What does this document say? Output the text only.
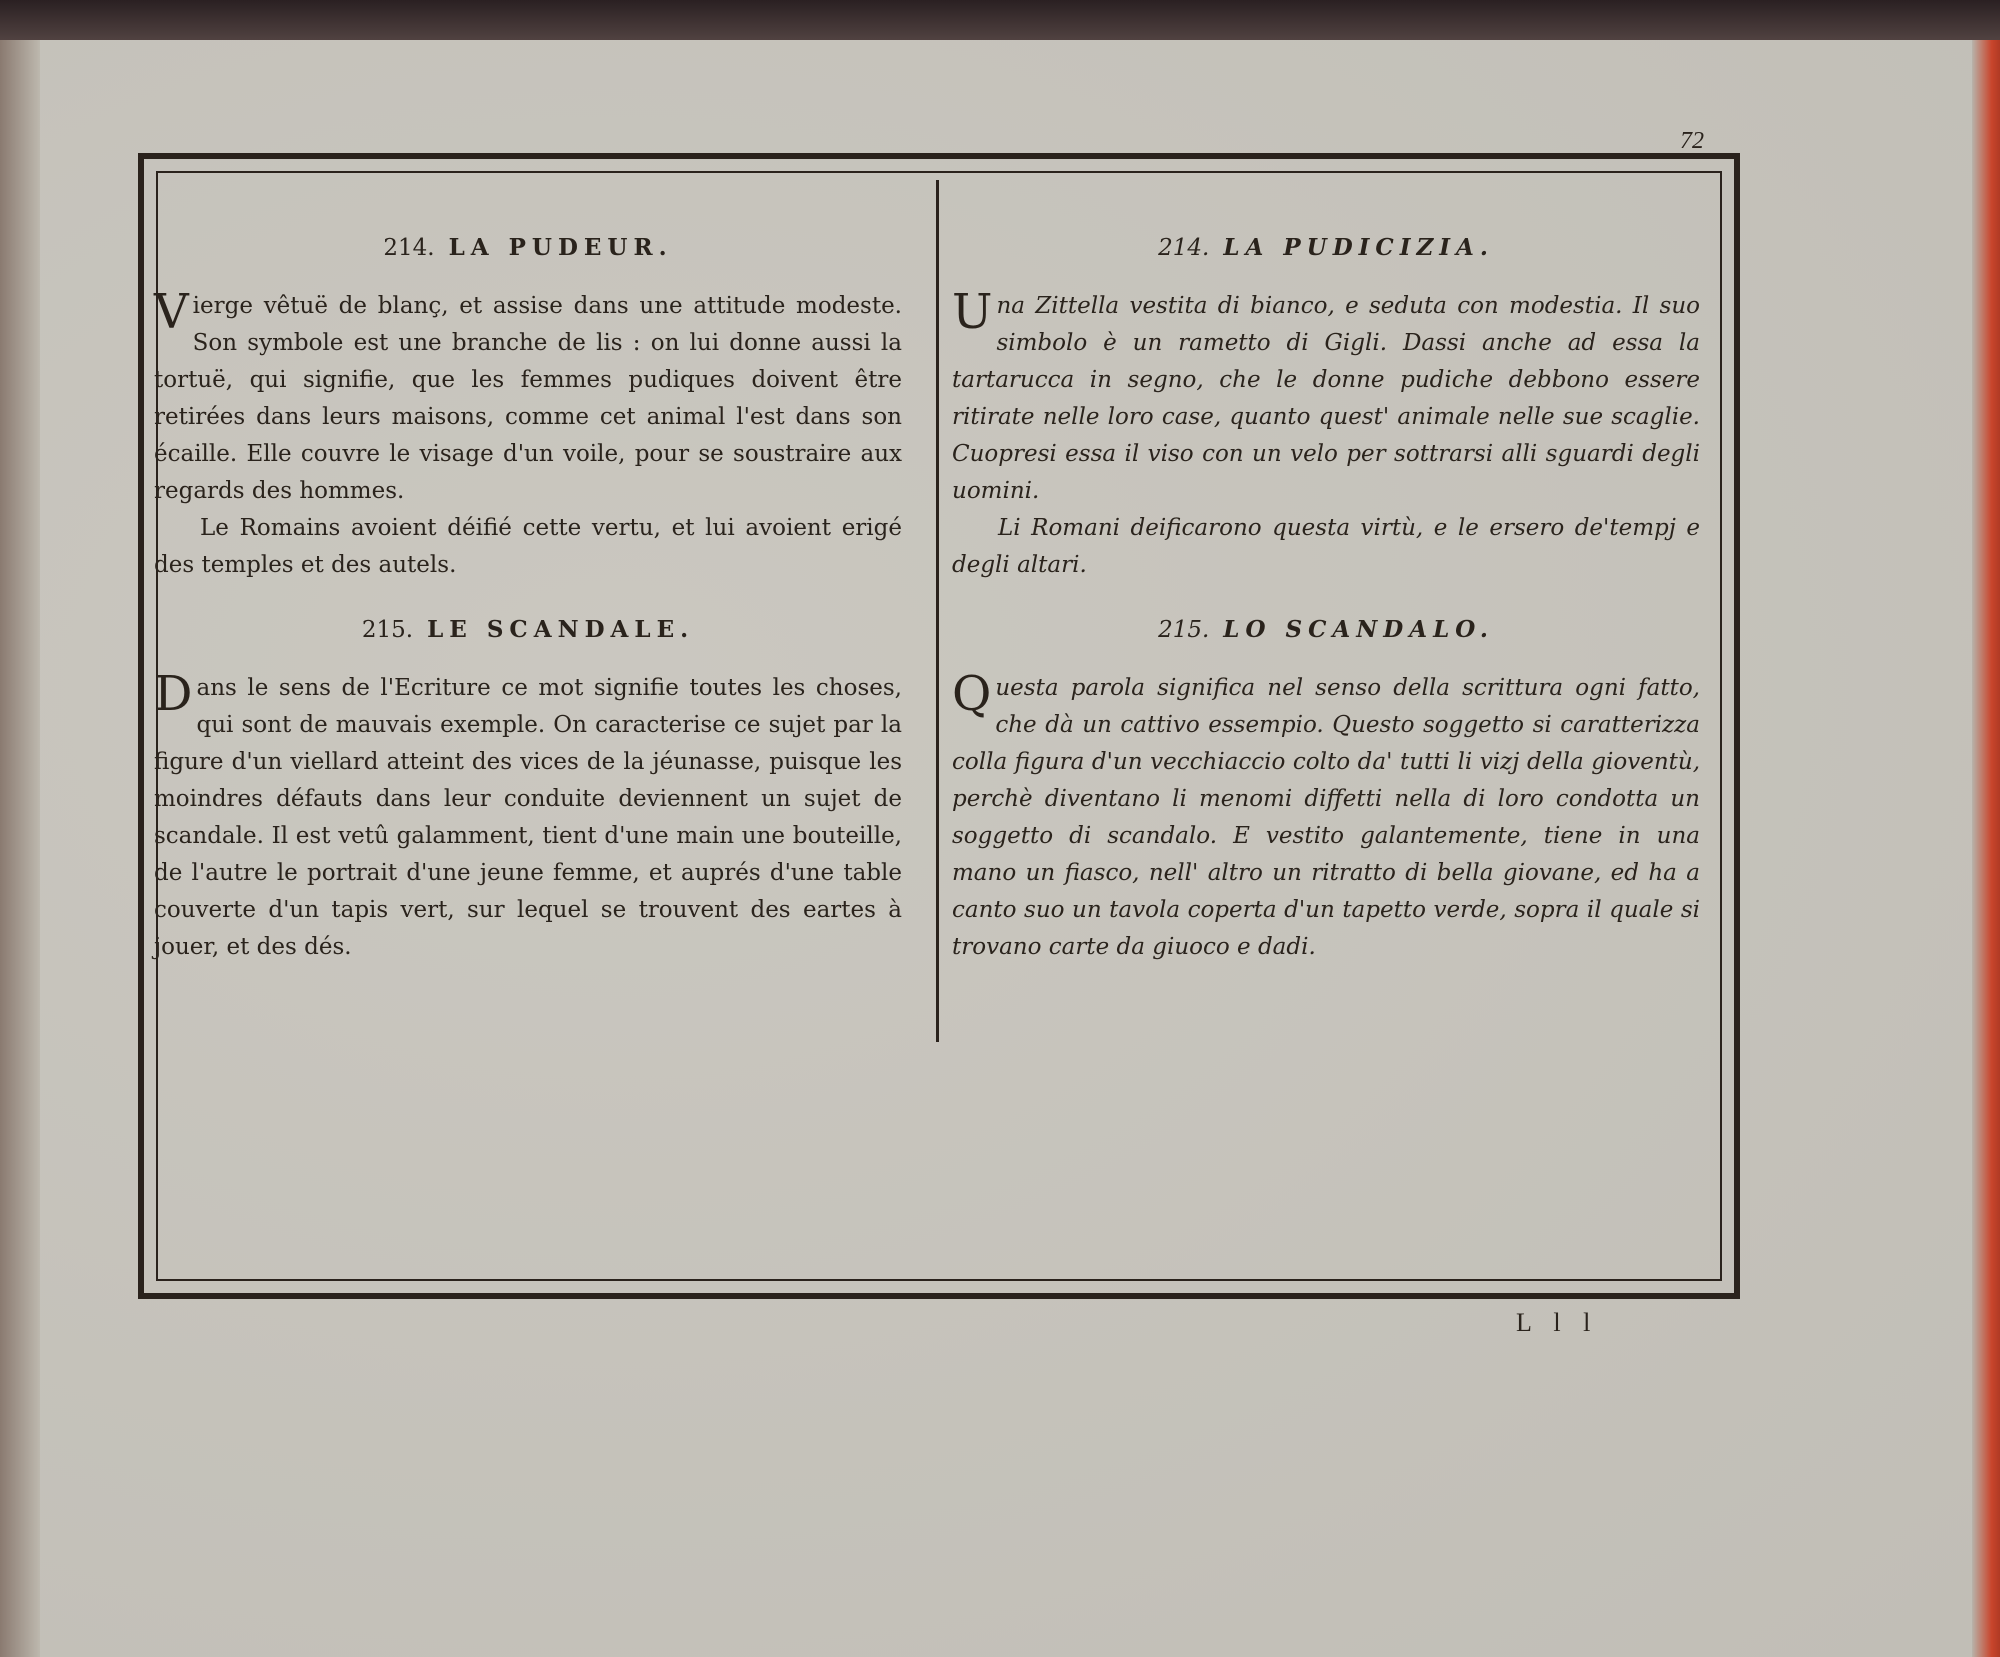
72
214. LA PUDEUR.

Vierge vêtuë de blanç, et assise dans une attitude modeste. Son symbole est une branche de lis : on lui donne aussi la tortuë, qui signifie, que les femmes pudiques doivent être retirées dans leurs maisons, comme cet animal l'est dans son écaille. Elle couvre le visage d'un voile, pour se soustraire aux regards des hommes.

Le Romains avoient déifié cette vertu, et lui avoient erigé des temples et des autels.

215. LE SCANDALE.

Dans le sens de l'Ecriture ce mot signifie toutes les choses, qui sont de mauvais exemple. On caracterise ce sujet par la figure d'un viellard atteint des vices de la jéunasse, puisque les moindres défauts dans leur conduite deviennent un sujet de scandale. Il est vetû galamment, tient d'une main une bouteille, de l'autre le portrait d'une jeune femme, et auprés d'une table couverte d'un tapis vert, sur lequel se trouvent des eartes à jouer, et des dés.

214. LA PUDICIZIA.

Una Zittella vestita di bianco, e seduta con modestia. Il suo simbolo è un rametto di Gigli. Dassi anche ad essa la tartarucca in segno, che le donne pudiche debbono essere ritirate nelle loro case, quanto quest' animale nelle sue scaglie. Cuopresi essa il viso con un velo per sottrarsi alli sguardi degli uomini.

Li Romani deificarono questa virtù, e le ersero de'tempj e degli altari.

215. LO SCANDALO.

Questa parola significa nel senso della scrittura ogni fatto, che dà un cattivo essempio. Questo soggetto si caratterizza colla figura d'un vecchiaccio colto da' tutti li vizj della gioventù, perchè diventano li menomi diffetti nella di loro condotta un soggetto di scandalo. E vestito galantemente, tiene in una mano un fiasco, nell' altro un ritratto di bella giovane, ed ha a canto suo un tavola coperta d'un tapetto verde, sopra il quale si trovano carte da giuoco e dadi.

L l l
